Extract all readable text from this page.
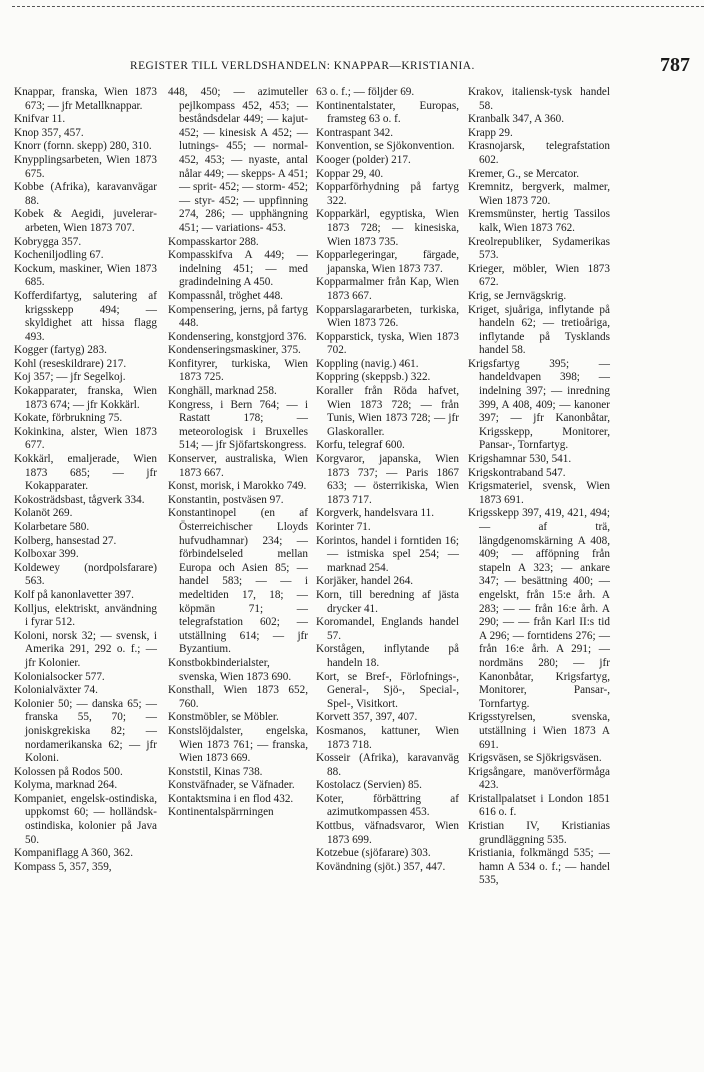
REGISTER TILL VERLDSHANDELN: KNAPPAR—KRISTIANIA.	787

Knappar, franska, Wien 1873 673; — jfr Metallknappar.

Knifvar 11.

Knop 357, 457.

Knorr (fornn. skepp) 280, 310.

Knypplingsarbeten, Wien 1873 675.

Kobbe (Afrika), karavanvägar 88.

Kobek & Aegidi, juvelerararbeten, Wien 1873 707.

Kobrygga 357.

Kocheniljodling 67.

Kockum, maskiner, Wien 1873 685.

Kofferdifartyg, salutering af krigsskepp 494; — skyldighet att hissa flagg 493.

Kogger (fartyg) 283.

Kohl (reseskildrare) 217.

Koj 357; — jfr Segelkoj.

Kokapparater, franska, Wien 1873 674; — jfr Kokkärl.

Kokate, förbrukning 75.

Kokinkina, alster, Wien 1873 677.

Kokkärl, emaljerade, Wien 1873 685; — jfr Kokapparater.

Kokosträdsbast, tågverk 334.

Kolanöt 269.

Kolarbetare 580.

Kolberg, hansestad 27.

Kolboxar 399.

Koldewey (nordpolsfarare) 563.

Kolf på kanonlavetter 397.

Kolljus, elektriskt, användning i fyrar 512.

Koloni, norsk 32; — svensk, i Amerika 291, 292 o. f.; — jfr Kolonier.

Kolonialsocker 577.

Kolonialväxter 74.

Kolonier 50; — danska 65; — franska 55, 70; — joniskgrekiska 82; — nordamerikanska 62; — jfr Koloni.

Kolossen på Rodos 500.

Kolyma, marknad 264.

Kompaniet, engelsk-ostindiska, uppkomst 60; — holländsk-ostindiska, kolonier på Java 50.

Kompaniflagg A 360, 362.

Kompass 5, 357, 359,

448, 450; — azimuteller pejlkompass 452, 453; — beståndsdelar 449; — kajut- 452; — kinesisk A 452; — lutnings- 455; — normal- 452, 453; — nyaste, antal nålar 449; — skepps- A 451; — sprit- 452; — storm- 452; — styr- 452; — uppfinning 274, 286; — upphängning 451; — variations- 453.

Kompasskartor 288.

Kompasskifva A 449; — indelning 451; — med gradindelning A 450.

Kompassnål, tröghet 448.

Kompensering, jerns, på fartyg 448.

Kondensering, konstgjord 376.

Kondenseringsmaskiner, 375.

Konfityrer, turkiska, Wien 1873 725.

Konghäll, marknad 258.

Kongress, i Bern 764; — i Rastatt 178; — meteorologisk i Bruxelles 514; — jfr Sjöfartskongress.

Konserver, australiska, Wien 1873 667.

Konst, morisk, i Marokko 749.

Konstantin, postväsen 97.

Konstantinopel (en af Österreichischer Lloyds hufvudhamnar) 234; — förbindelseled mellan Europa och Asien 85; — handel 583; — — i medeltiden 17, 18; — köpmän 71; — telegrafstation 602; — utställning 614; — jfr Byzantium.

Konstbokbinderialster, svenska, Wien 1873 690.

Konsthall, Wien 1873 652, 760.

Konstmöbler, se Möbler.

Konstslöjdalster, engelska, Wien 1873 761; — franska, Wien 1873 669.

Konststil, Kinas 738.

Konstväfnader, se Väfnader.

Kontaktsmina i en flod 432.

Kontinentalspärrningen

63 o. f.; — följder 69.

Kontinentalstater, Europas, framsteg 63 o. f.

Kontraspant 342.

Konvention, se Sjökonvention.

Kooger (polder) 217.

Koppar 29, 40.

Kopparförhydning på fartyg 322.

Kopparkärl, egyptiska, Wien 1873 728; — kinesiska, Wien 1873 735.

Kopparlegeringar, färgade, japanska, Wien 1873 737.

Kopparmalmer från Kap, Wien 1873 667.

Kopparslagararbeten, turkiska, Wien 1873 726.

Kopparstick, tyska, Wien 1873 702.

Koppling (navig.) 461.

Koppring (skeppsb.) 322.

Koraller från Röda hafvet, Wien 1873 728; — från Tunis, Wien 1873 728; — jfr Glaskoraller.

Korfu, telegraf 600.

Korgvaror, japanska, Wien 1873 737; — Paris 1867 633; — österrikiska, Wien 1873 717.

Korgverk, handelsvara 11.

Korinter 71.

Korintos, handel i forntiden 16; — istmiska spel 254; — marknad 254.

Korjäker, handel 264.

Korn, till beredning af jästa drycker 41.

Koromandel, Englands handel 57.

Korstågen, inflytande på handeln 18.

Kort, se Bref-, Förlofnings-, General-, Sjö-, Special-, Spel-, Visitkort.

Korvett 357, 397, 407.

Kosmanos, kattuner, Wien 1873 718.

Kosseir (Afrika), karavanväg 88.

Kostolacz (Servien) 85.

Koter, förbättring af azimutkompassen 453.

Kottbus, väfnadsvaror, Wien 1873 699.

Kotzebue (sjöfarare) 303.

Kovändning (sjöt.) 357, 447.

Krakov, italiensk-tysk handel 58.

Kranbalk 347, A 360.

Krapp 29.

Krasnojarsk, telegrafstation 602.

Kremer, G., se Mercator.

Kremnitz, bergverk, malmer, Wien 1873 720.

Kremsmünster, hertig Tassilos kalk, Wien 1873 762.

Kreolrepubliker, Sydamerikas 573.

Krieger, möbler, Wien 1873 672.

Krig, se Jernvägskrig.

Kriget, sjuåriga, inflytande på handeln 62; — tretioåriga, inflytande på Tysklands handel 58.

Krigsfartyg 395; — handeldvapen 398; — indelning 397; — inredning 399, A 408, 409; — kanoner 397; — jfr Kanonbåtar, Krigsskepp, Monitorer, Pansar-, Tornfartyg.

Krigshamnar 530, 541.

Krigskontraband 547.

Krigsmateriel, svensk, Wien 1873 691.

Krigsskepp 397, 419, 421, 494; — af trä, längdgenomskärning A 408, 409; — afföpning från stapeln A 323; — ankare 347; — besättning 400; — engelskt, från 15:e årh. A 283; — — från 16:e årh. A 290; — — från Karl II:s tid A 296; — forntidens 276; — från 16:e årh. A 291; — nordmäns 280; — jfr Kanonbåtar, Krigsfartyg, Monitorer, Pansar-, Tornfartyg.

Krigsstyrelsen, svenska, utställning i Wien 1873 A 691.

Krigsväsen, se Sjökrigsväsen.

Krigsångare, manöverförmåga 423.

Kristallpalatset i London 1851 616 o. f.

Kristian IV, Kristianias grundläggning 535.

Kristiania, folkmängd 535; — hamn A 534 o. f.; — handel 535,
